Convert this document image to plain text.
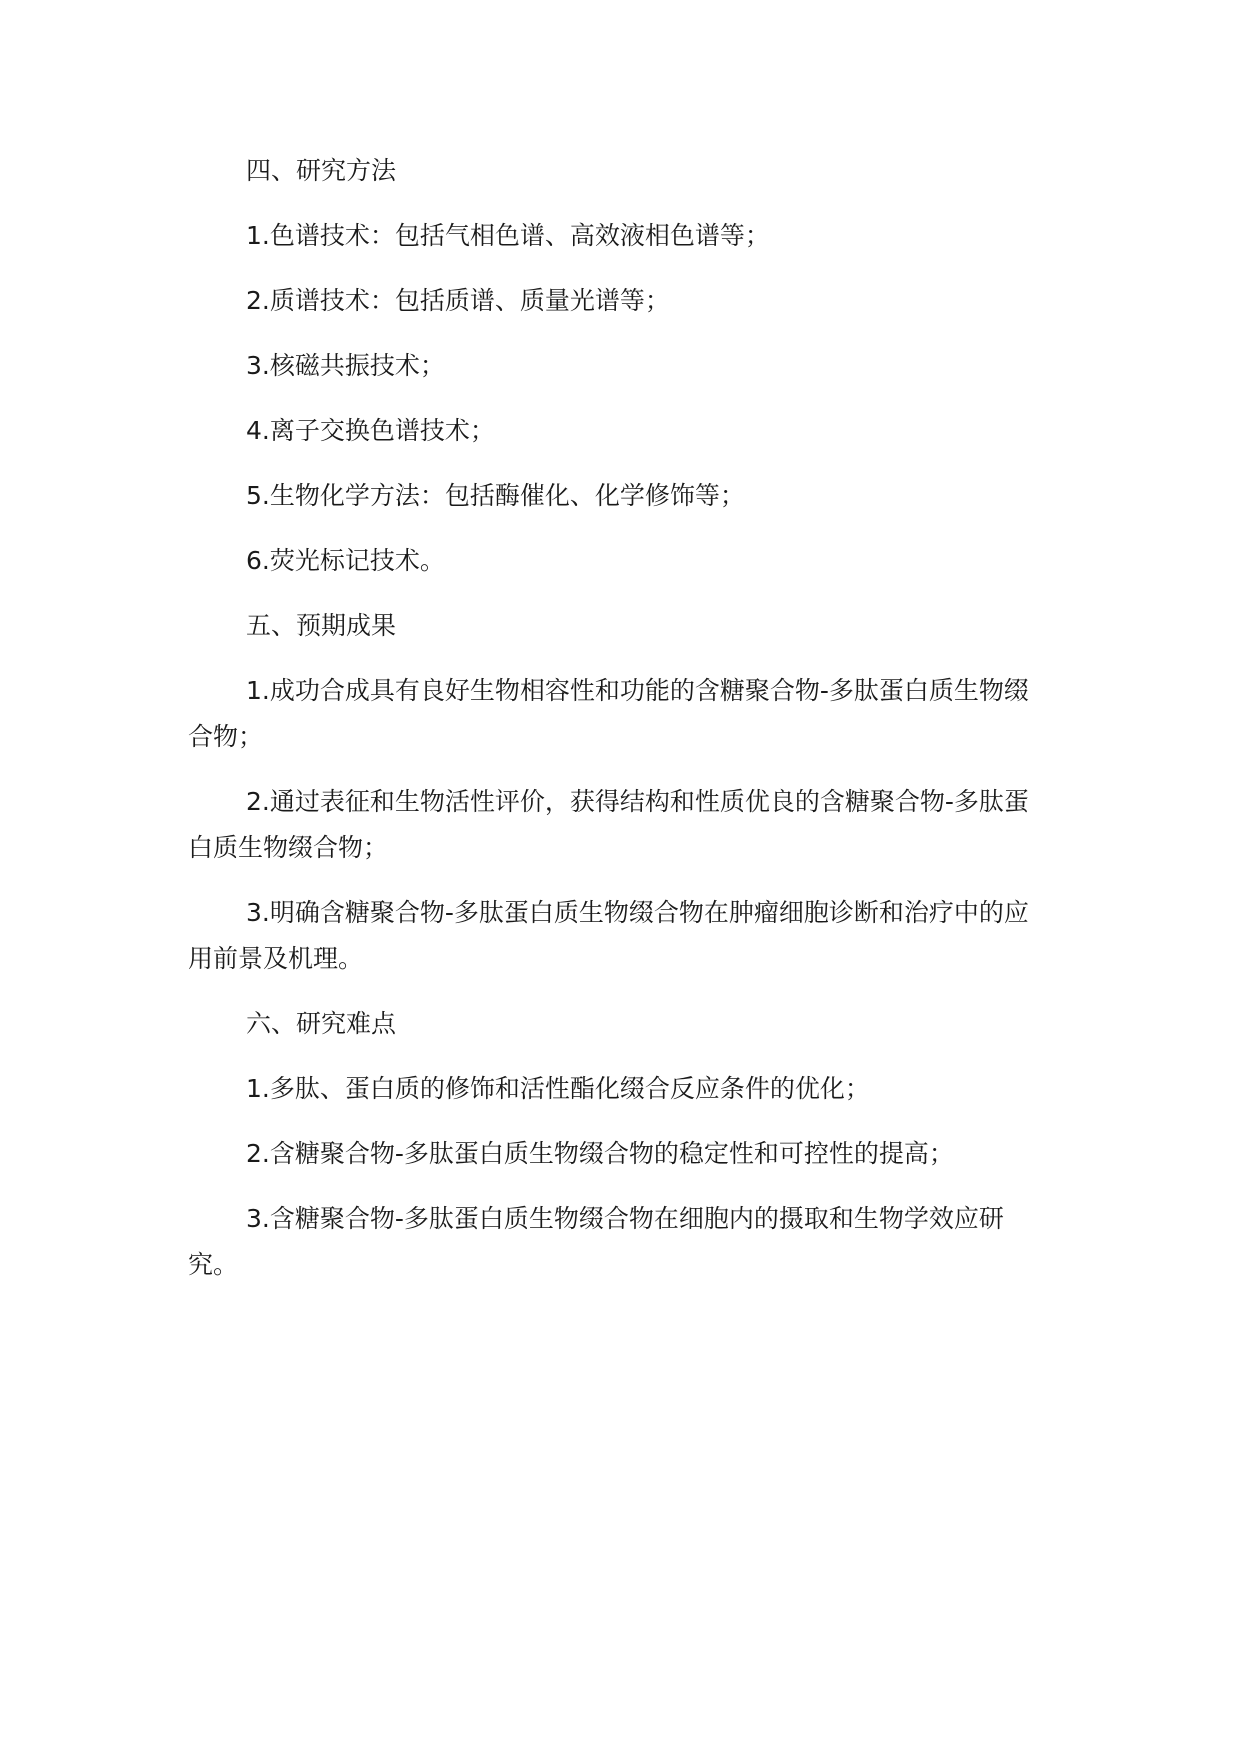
四、研究方法

1.色谱技术：包括气相色谱、高效液相色谱等；

2.质谱技术：包括质谱、质量光谱等；

3.核磁共振技术；

4.离子交换色谱技术；

5.生物化学方法：包括酶催化、化学修饰等；

6.荧光标记技术。

五、预期成果

1.成功合成具有良好生物相容性和功能的含糖聚合物-多肽蛋白质生物缀合物；

2.通过表征和生物活性评价，获得结构和性质优良的含糖聚合物-多肽蛋白质生物缀合物；

3.明确含糖聚合物-多肽蛋白质生物缀合物在肿瘤细胞诊断和治疗中的应用前景及机理。

六、研究难点

1.多肽、蛋白质的修饰和活性酯化缀合反应条件的优化；

2.含糖聚合物-多肽蛋白质生物缀合物的稳定性和可控性的提高；

3.含糖聚合物-多肽蛋白质生物缀合物在细胞内的摄取和生物学效应研究。
